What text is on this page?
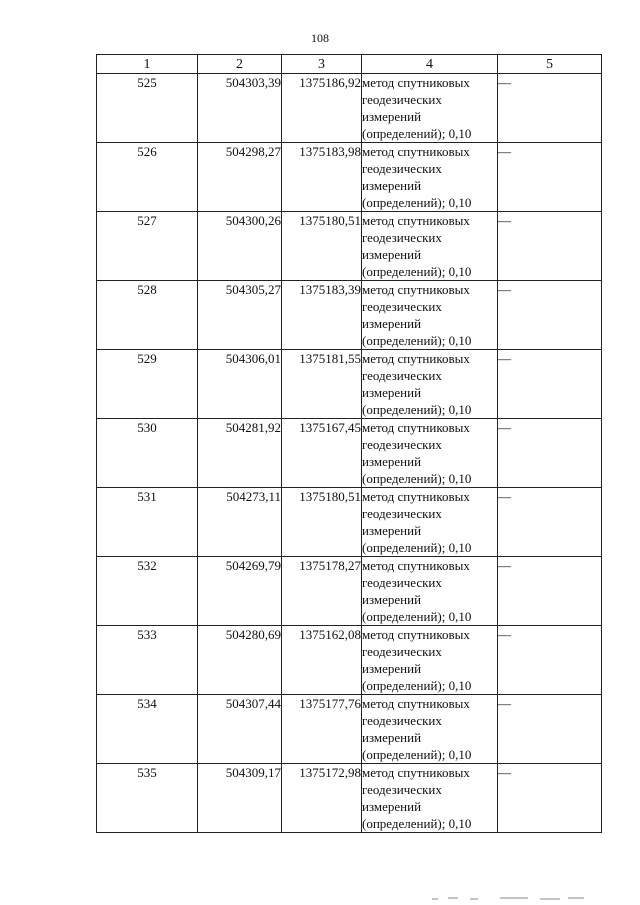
108
1	2	3	4	5
525	504303,39	1375186,92	метод спутниковых
геодезических
измерений
(определений); 0,10	—
526	504298,27	1375183,98	метод спутниковых
геодезических
измерений
(определений); 0,10	—
527	504300,26	1375180,51	метод спутниковых
геодезических
измерений
(определений); 0,10	—
528	504305,27	1375183,39	метод спутниковых
геодезических
измерений
(определений); 0,10	—
529	504306,01	1375181,55	метод спутниковых
геодезических
измерений
(определений); 0,10	—
530	504281,92	1375167,45	метод спутниковых
геодезических
измерений
(определений); 0,10	—
531	504273,11	1375180,51	метод спутниковых
геодезических
измерений
(определений); 0,10	—
532	504269,79	1375178,27	метод спутниковых
геодезических
измерений
(определений); 0,10	—
533	504280,69	1375162,08	метод спутниковых
геодезических
измерений
(определений); 0,10	—
534	504307,44	1375177,76	метод спутниковых
геодезических
измерений
(определений); 0,10	—
535	504309,17	1375172,98	метод спутниковых
геодезических
измерений
(определений); 0,10	—
